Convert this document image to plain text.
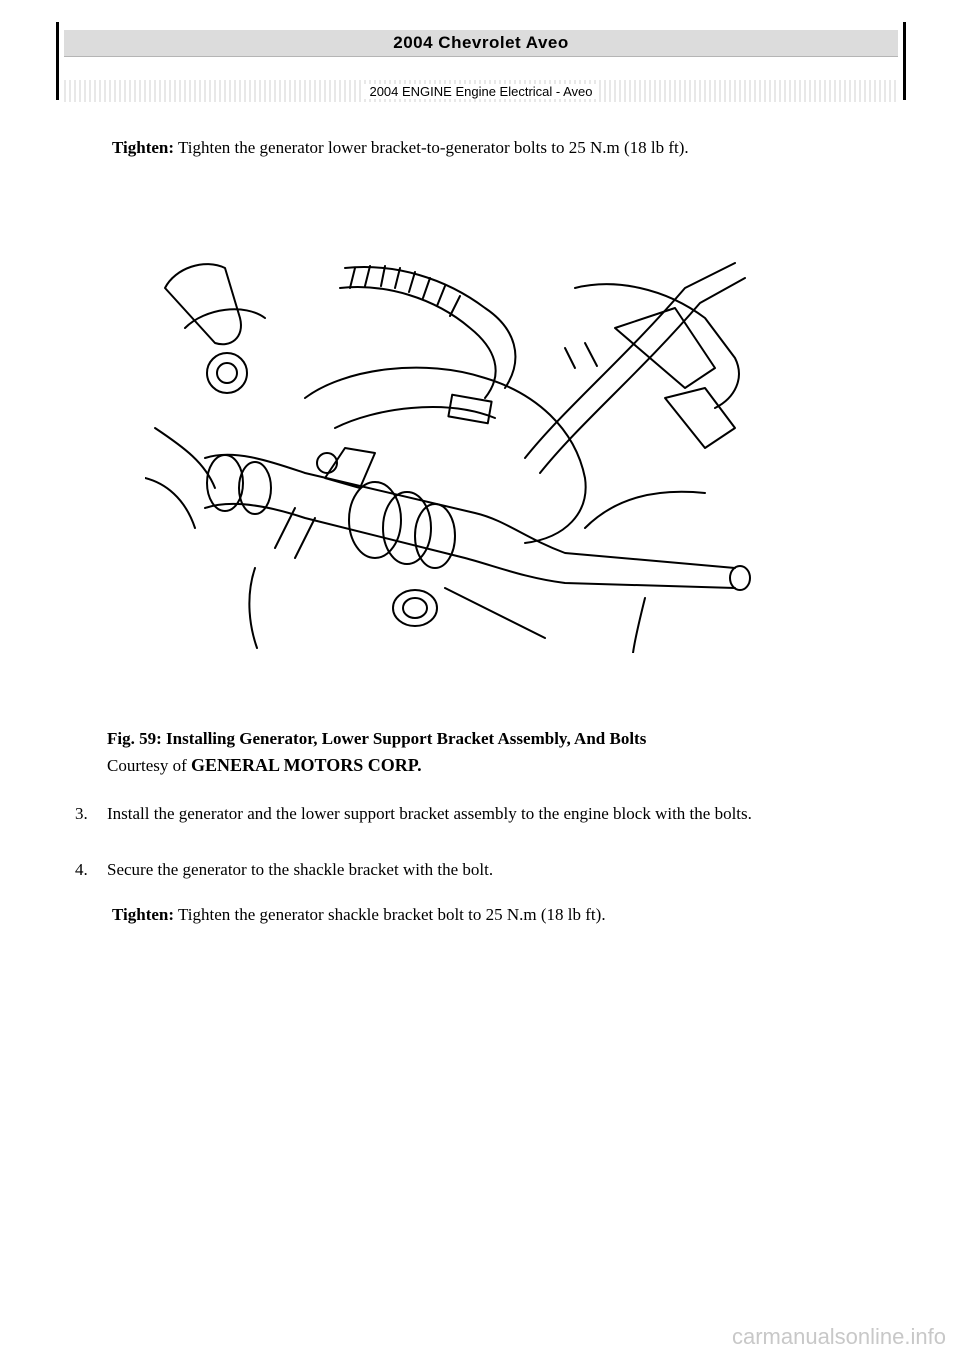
2004 Chevrolet Aveo
2004 ENGINE Engine Electrical - Aveo
Tighten: Tighten the generator lower bracket-to-generator bolts to 25 N.m (18 lb ft).
Fig. 59: Installing Generator, Lower Support Bracket Assembly, And Bolts
Courtesy of GENERAL MOTORS CORP.
3.	Install the generator and the lower support bracket assembly to the engine block with the bolts.
4.	Secure the generator to the shackle bracket with the bolt.
Tighten: Tighten the generator shackle bracket bolt to 25 N.m (18 lb ft).
carmanualsonline.info
